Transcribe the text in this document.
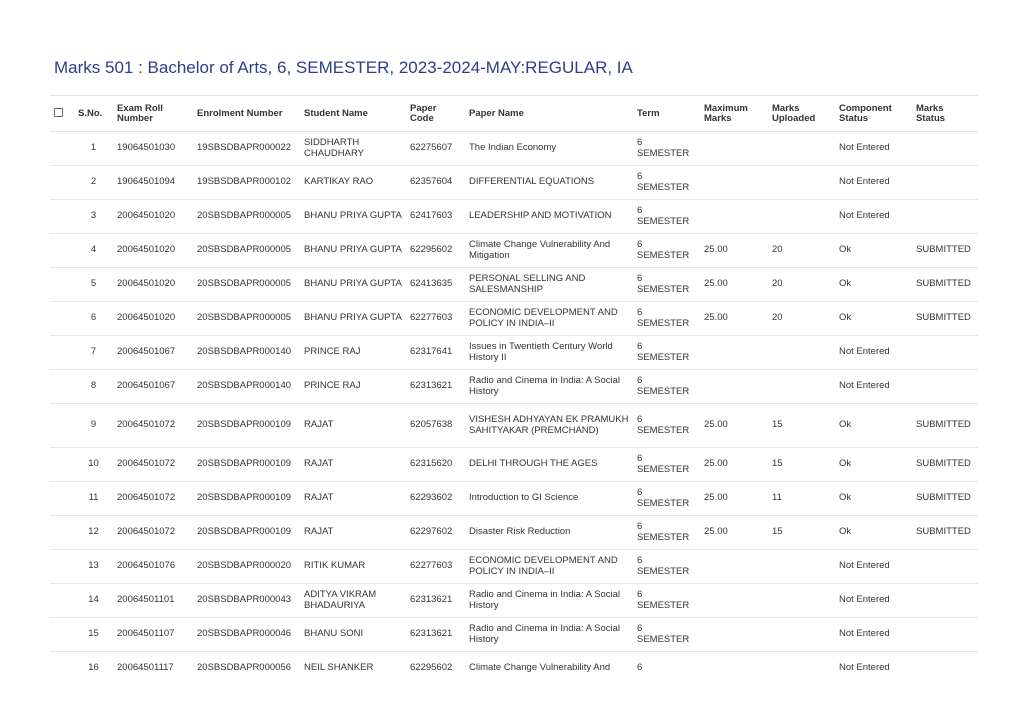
Marks 501 : Bachelor of Arts, 6, SEMESTER, 2023-2024-MAY:REGULAR, IA
	S.No.	Exam Roll Number	Enrolment Number	Student Name	Paper Code	Paper Name	Term	Maximum Marks	Marks Uploaded	Component Status	Marks Status
	1	19064501030	19SBSDBAPR000022	SIDDHARTH CHAUDHARY	62275607	The Indian Economy	6 SEMESTER			Not Entered	
	2	19064501094	19SBSDBAPR000102	KARTIKAY RAO	62357604	DIFFERENTIAL EQUATIONS	6 SEMESTER			Not Entered	
	3	20064501020	20SBSDBAPR000005	BHANU PRIYA GUPTA	62417603	LEADERSHIP AND MOTIVATION	6 SEMESTER			Not Entered	
	4	20064501020	20SBSDBAPR000005	BHANU PRIYA GUPTA	62295602	Climate Change Vulnerability And Mitigation	6 SEMESTER	25.00	20	Ok	SUBMITTED
	5	20064501020	20SBSDBAPR000005	BHANU PRIYA GUPTA	62413635	PERSONAL SELLING AND SALESMANSHIP	6 SEMESTER	25.00	20	Ok	SUBMITTED
	6	20064501020	20SBSDBAPR000005	BHANU PRIYA GUPTA	62277603	ECONOMIC DEVELOPMENT AND POLICY IN INDIA–II	6 SEMESTER	25.00	20	Ok	SUBMITTED
	7	20064501067	20SBSDBAPR000140	PRINCE RAJ	62317641	Issues in Twentieth Century World History II	6 SEMESTER			Not Entered	
	8	20064501067	20SBSDBAPR000140	PRINCE RAJ	62313621	Radio and Cinema in India: A Social History	6 SEMESTER			Not Entered	
	9	20064501072	20SBSDBAPR000109	RAJAT	62057638	VISHESH ADHYAYAN EK PRAMUKH SAHITYAKAR (PREMCHAND)	6 SEMESTER	25.00	15	Ok	SUBMITTED
	10	20064501072	20SBSDBAPR000109	RAJAT	62315620	DELHI THROUGH THE AGES	6 SEMESTER	25.00	15	Ok	SUBMITTED
	11	20064501072	20SBSDBAPR000109	RAJAT	62293602	Introduction to GI Science	6 SEMESTER	25.00	11	Ok	SUBMITTED
	12	20064501072	20SBSDBAPR000109	RAJAT	62297602	Disaster Risk Reduction	6 SEMESTER	25.00	15	Ok	SUBMITTED
	13	20064501076	20SBSDBAPR000020	RITIK KUMAR	62277603	ECONOMIC DEVELOPMENT AND POLICY IN INDIA–II	6 SEMESTER			Not Entered	
	14	20064501101	20SBSDBAPR000043	ADITYA VIKRAM BHADAURIYA	62313621	Radio and Cinema in India: A Social History	6 SEMESTER			Not Entered	
	15	20064501107	20SBSDBAPR000046	BHANU SONI	62313621	Radio and Cinema in India: A Social History	6 SEMESTER			Not Entered	
	16	20064501117	20SBSDBAPR000056	NEIL SHANKER	62295602	Climate Change Vulnerability And	6			Not Entered	
